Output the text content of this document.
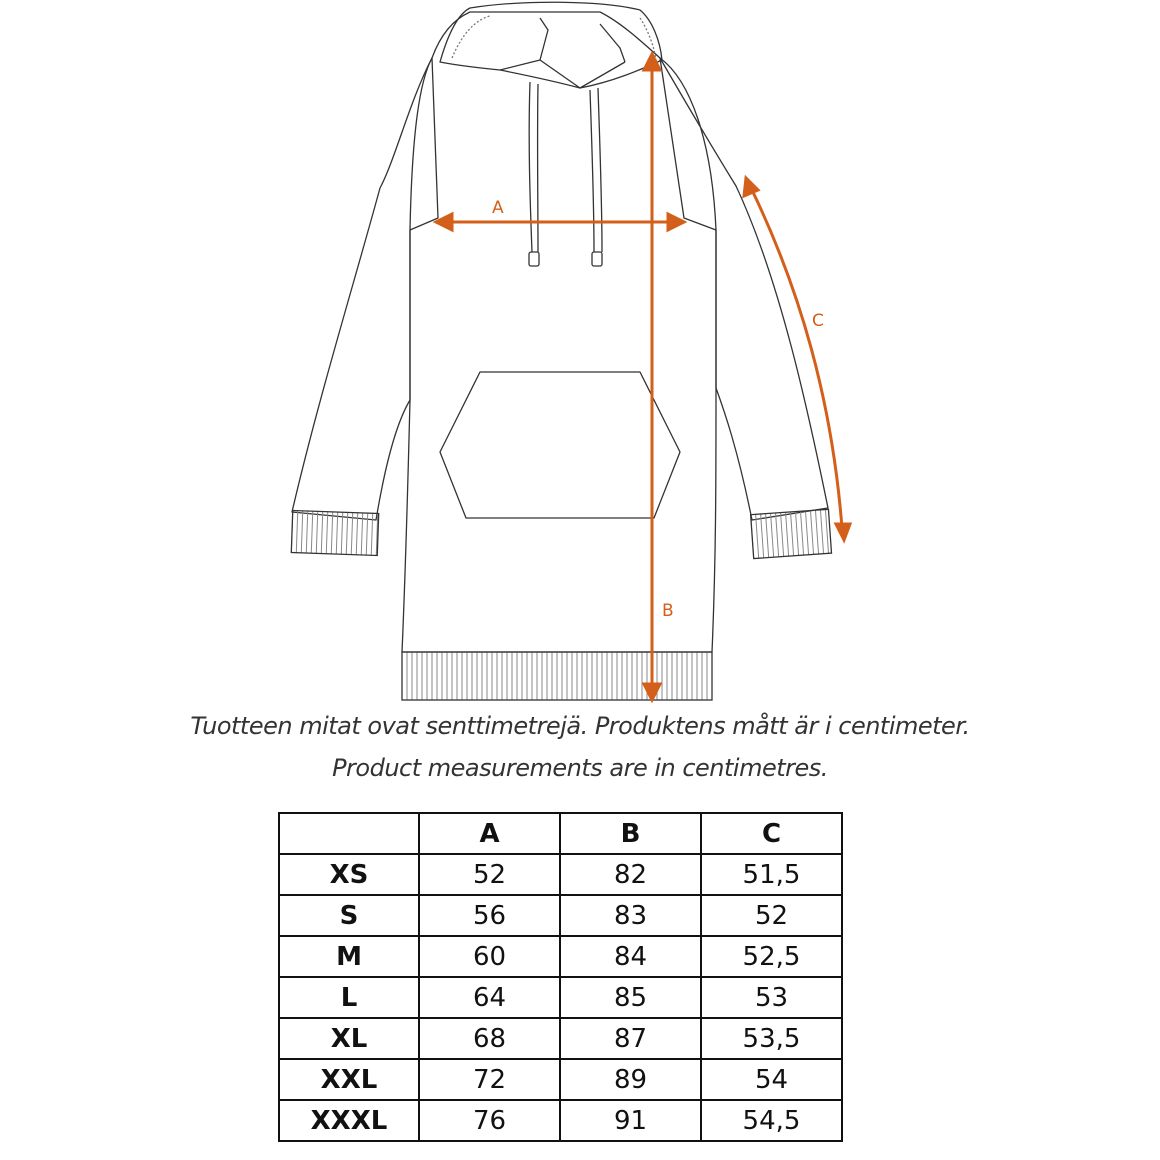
A
B
C
Tuotteen mitat ovat senttimetrejä. Produktens mått är i centimeter.
Product measurements are in centimetres.
	A	B	C
XS	52	82	51,5
S	56	83	52
M	60	84	52,5
L	64	85	53
XL	68	87	53,5
XXL	72	89	54
XXXL	76	91	54,5
